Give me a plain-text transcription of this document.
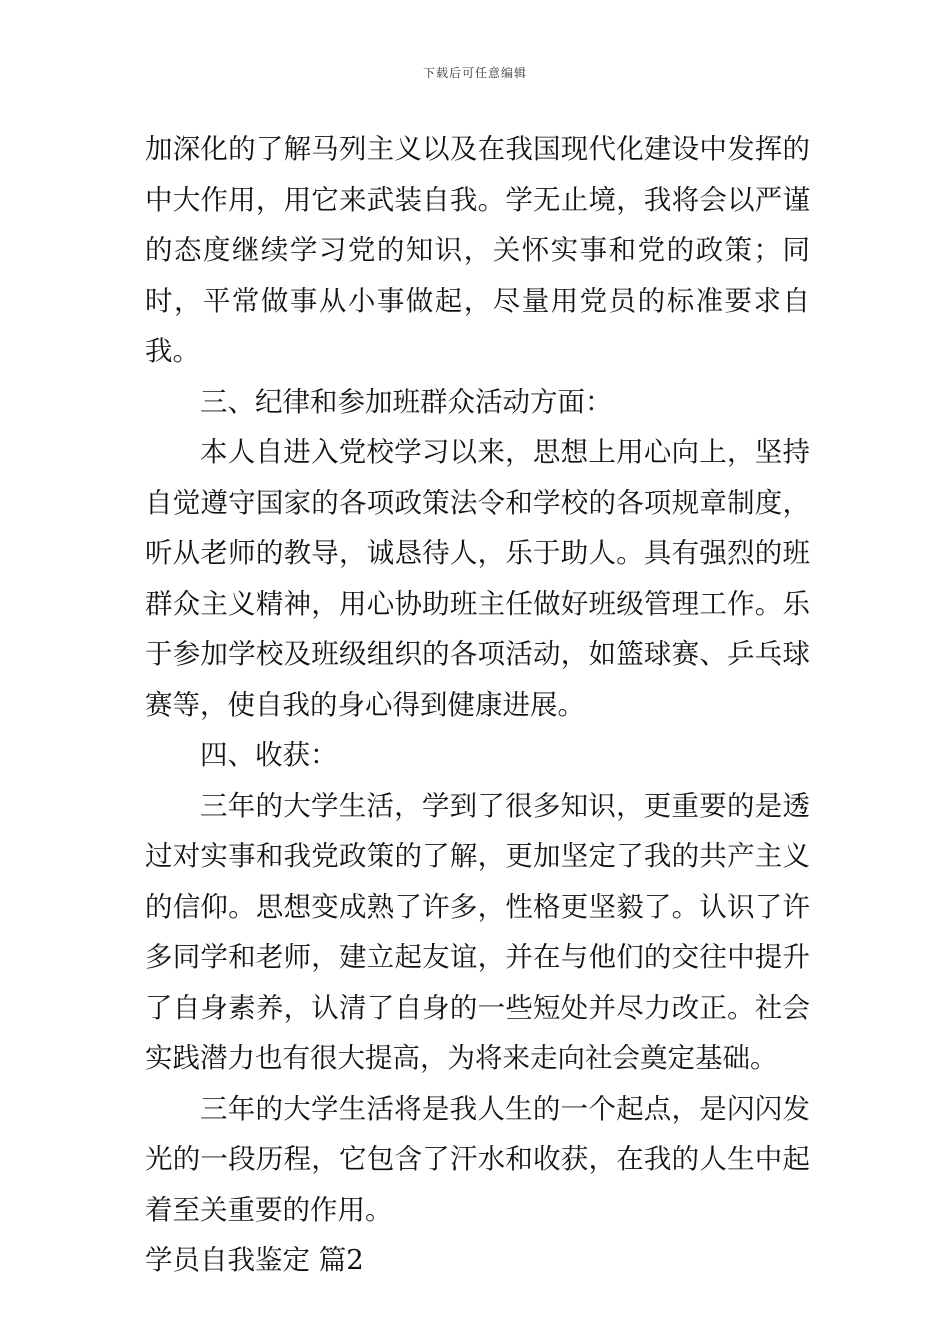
下载后可任意编辑

加深化的了解马列主义以及在我国现代化建设中发挥的中大作用，用它来武装自我。学无止境，我将会以严谨的态度继续学习党的知识，关怀实事和党的政策；同时，平常做事从小事做起，尽量用党员的标准要求自我。

三、纪律和参加班群众活动方面：

本人自进入党校学习以来，思想上用心向上，坚持自觉遵守国家的各项政策法令和学校的各项规章制度，听从老师的教导，诚恳待人，乐于助人。具有强烈的班群众主义精神，用心协助班主任做好班级管理工作。乐于参加学校及班级组织的各项活动，如篮球赛、乒乓球赛等，使自我的身心得到健康进展。

四、收获：

三年的大学生活，学到了很多知识，更重要的是透过对实事和我党政策的了解，更加坚定了我的共产主义的信仰。思想变成熟了许多，性格更坚毅了。认识了许多同学和老师，建立起友谊，并在与他们的交往中提升了自身素养，认清了自身的一些短处并尽力改正。社会实践潜力也有很大提高，为将来走向社会奠定基础。

三年的大学生活将是我人生的一个起点，是闪闪发光的一段历程，它包含了汗水和收获，在我的人生中起着至关重要的作用。

学员自我鉴定 篇2
